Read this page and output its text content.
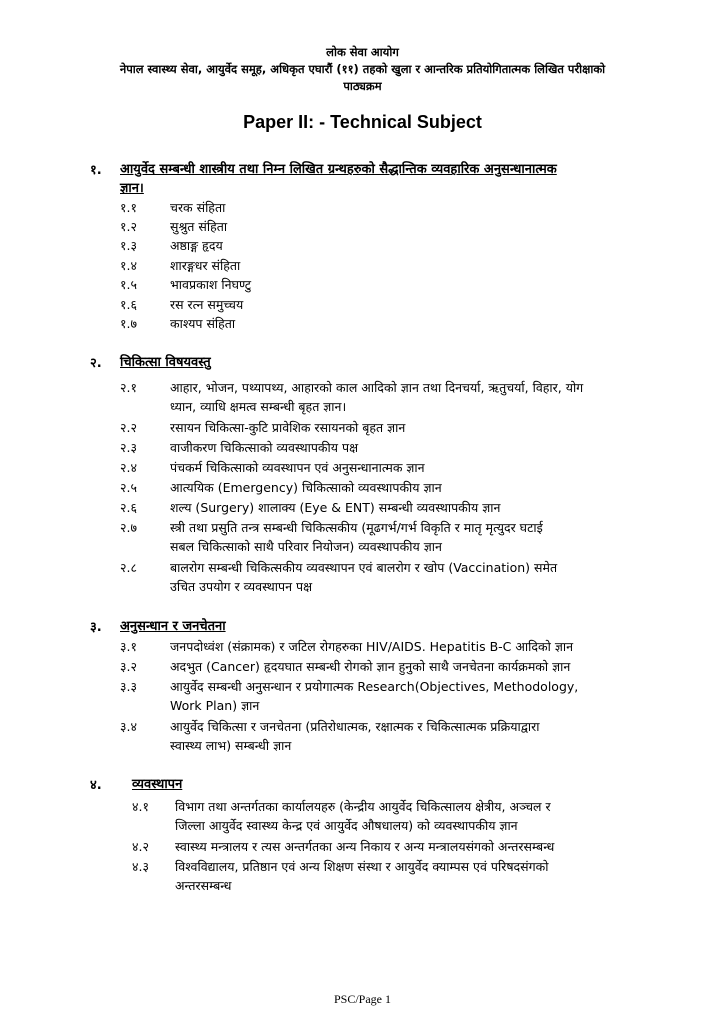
लोक सेवा आयोग
नेपाल स्वास्थ्य सेवा, आयुर्वेद समूह, अधिकृत एघारौं (११) तहको खुला र आन्तरिक प्रतियोगितात्मक लिखित परीक्षाको
पाठ्यक्रम
Paper II: - Technical Subject
१. आयुर्वेद सम्बन्धी शास्त्रीय तथा निम्न लिखित ग्रन्थहरुको सैद्धान्तिक व्यवहारिक अनुसन्धानात्मक
ज्ञान।
१.१	चरक संहिता
१.२	सुश्रुत संहिता
१.३	अष्ठाङ्ग हृदय
१.४	शारङ्गधर संहिता
१.५	भावप्रकाश निघण्टु
१.६	रस रत्न समुच्चय
१.७	काश्यप संहिता
२. चिकित्सा विषयवस्तु
२.१	आहार, भोजन, पथ्यापथ्य, आहारको काल आदिको ज्ञान तथा दिनचर्या, ऋतुचर्या, विहार, योग
ध्यान, व्याधि क्षमत्व सम्बन्धी बृहत ज्ञान।
२.२	रसायन चिकित्सा-कुटि प्रावेशिक रसायनको बृहत ज्ञान
२.३	वाजीकरण चिकित्साको व्यवस्थापकीय पक्ष
२.४	पंचकर्म चिकित्साको व्यवस्थापन एवं अनुसन्धानात्मक ज्ञान
२.५	आत्ययिक (Emergency) चिकित्साको व्यवस्थापकीय ज्ञान
२.६	शल्य (Surgery) शालाक्य (Eye & ENT) सम्बन्धी व्यवस्थापकीय ज्ञान
२.७	स्त्री तथा प्रसुति तन्त्र सम्बन्धी चिकित्सकीय (मूढगर्भ/गर्भ विकृति र मातृ मृत्युदर घटाई
सबल चिकित्साको साथै परिवार नियोजन) व्यवस्थापकीय ज्ञान
२.८	बालरोग सम्बन्धी चिकित्सकीय व्यवस्थापन एवं बालरोग र खोप (Vaccination) समेत
उचित उपयोग र व्यवस्थापन पक्ष
३. अनुसन्धान र जनचेतना
३.१	जनपदोध्वंश (संक्रामक) र जटिल रोगहरुका HIV/AIDS. Hepatitis B-C आदिको ज्ञान
३.२	अदभुत (Cancer) हृदयघात सम्बन्धी रोगको ज्ञान हुनुको साथै जनचेतना कार्यक्रमको ज्ञान
३.३	आयुर्वेद सम्बन्धी अनुसन्धान र प्रयोगात्मक Research(Objectives, Methodology,
Work Plan) ज्ञान
३.४	आयुर्वेद चिकित्सा र जनचेतना (प्रतिरोधात्मक, रक्षात्मक र चिकित्सात्मक प्रक्रियाद्वारा
स्वास्थ्य लाभ) सम्बन्धी ज्ञान
४. व्यवस्थापन
४.१ विभाग तथा अन्तर्गतका कार्यालयहरु (केन्द्रीय आयुर्वेद चिकित्सालय क्षेत्रीय, अञ्चल र
जिल्ला आयुर्वेद स्वास्थ्य केन्द्र एवं आयुर्वेद औषधालय) को व्यवस्थापकीय ज्ञान
४.२ स्वास्थ्य मन्त्रालय र त्यस अन्तर्गतका अन्य निकाय र अन्य मन्त्रालयसंगको अन्तरसम्बन्ध
४.३ विश्वविद्यालय, प्रतिष्ठान एवं अन्य शिक्षण संस्था र आयुर्वेद क्याम्पस एवं परिषदसंगको
अन्तरसम्बन्ध
PSC/Page 1
